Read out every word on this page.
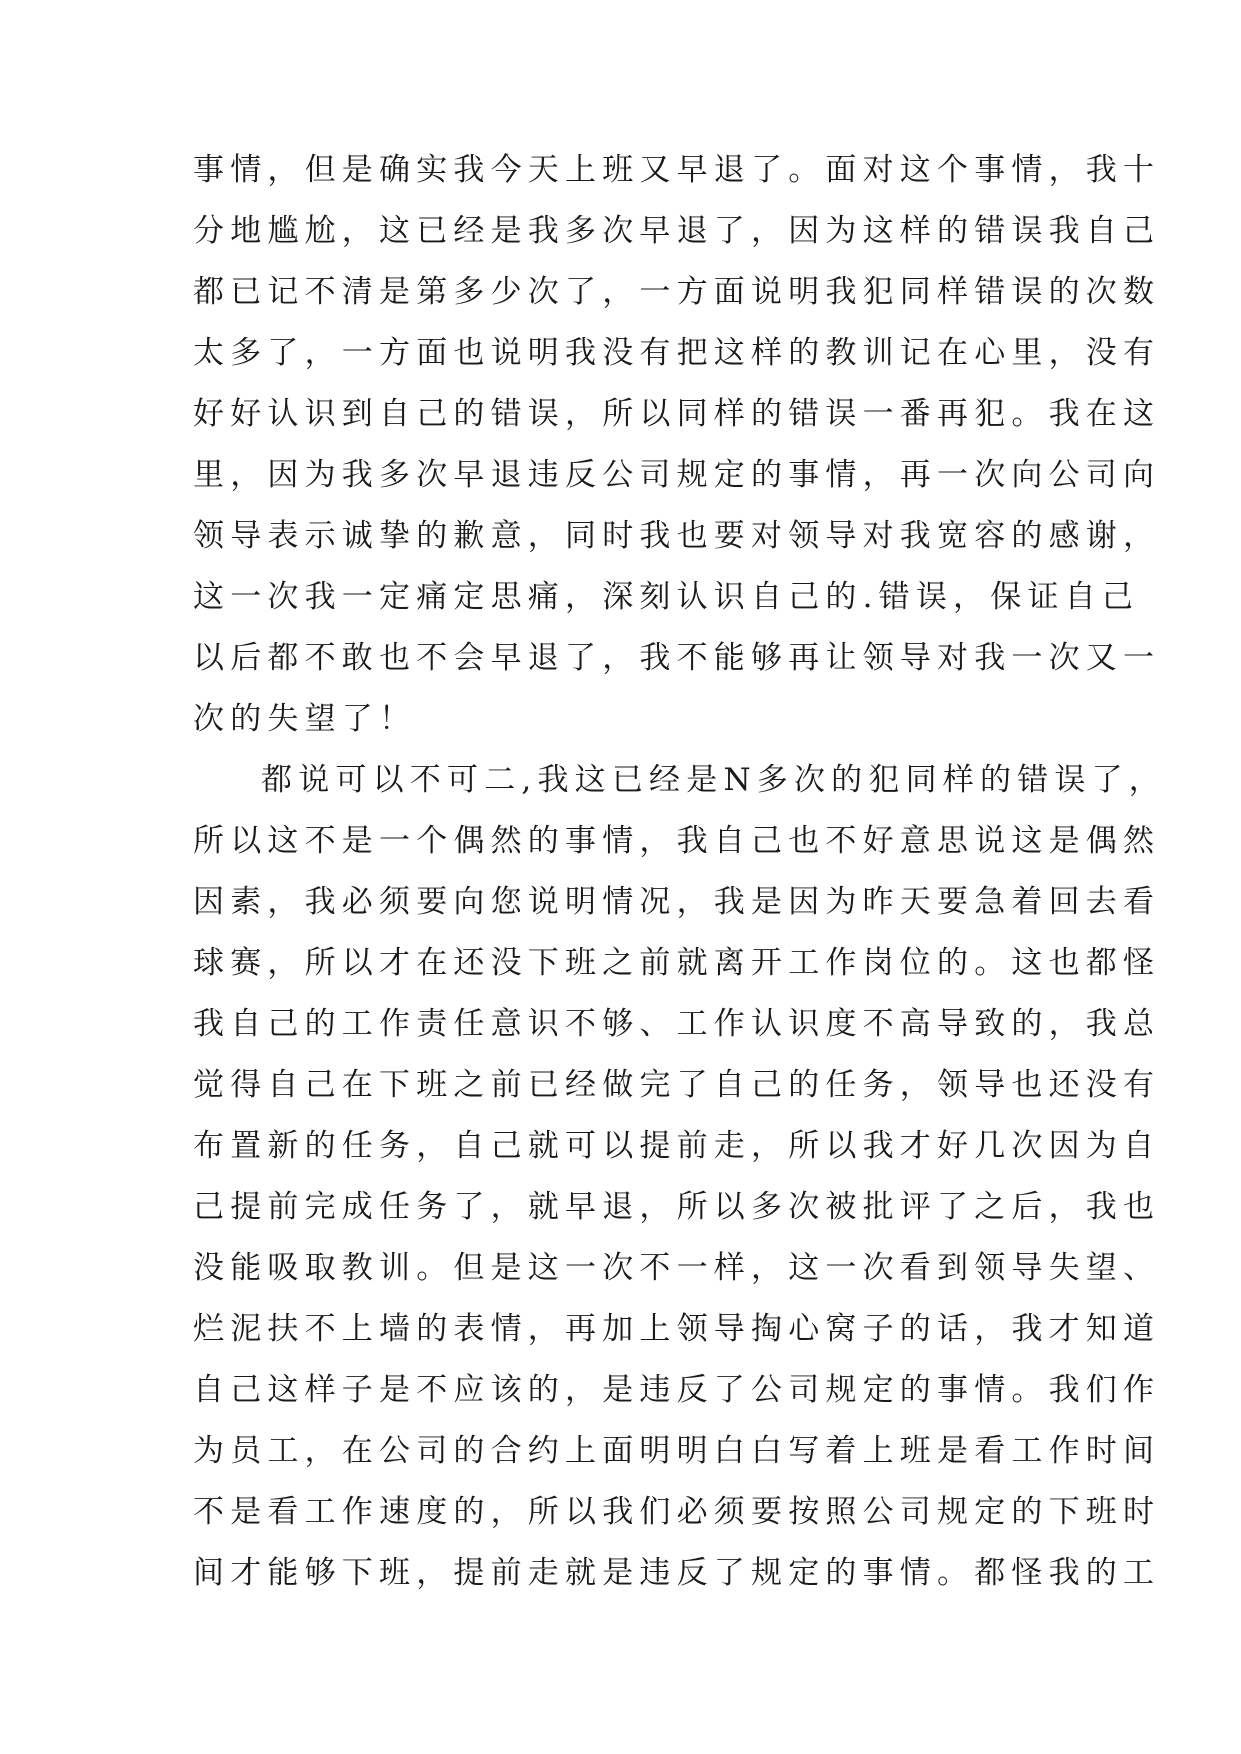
事情，但是确实我今天上班又早退了。面对这个事情，我十
分地尴尬，这已经是我多次早退了，因为这样的错误我自己
都已记不清是第多少次了，一方面说明我犯同样错误的次数
太多了，一方面也说明我没有把这样的教训记在心里，没有
好好认识到自己的错误，所以同样的错误一番再犯。我在这
里，因为我多次早退违反公司规定的事情，再一次向公司向
领导表示诚挚的歉意，同时我也要对领导对我宽容的感谢，
这一次我一定痛定思痛，深刻认识自己的.错误，保证自己
以后都不敢也不会早退了，我不能够再让领导对我一次又一
次的失望了！
都说可以不可二,我这已经是N多次的犯同样的错误了，
所以这不是一个偶然的事情，我自己也不好意思说这是偶然
因素，我必须要向您说明情况，我是因为昨天要急着回去看
球赛，所以才在还没下班之前就离开工作岗位的。这也都怪
我自己的工作责任意识不够、工作认识度不高导致的，我总
觉得自己在下班之前已经做完了自己的任务，领导也还没有
布置新的任务，自己就可以提前走，所以我才好几次因为自
己提前完成任务了，就早退，所以多次被批评了之后，我也
没能吸取教训。但是这一次不一样，这一次看到领导失望、
烂泥扶不上墙的表情，再加上领导掏心窝子的话，我才知道
自己这样子是不应该的，是违反了公司规定的事情。我们作
为员工，在公司的合约上面明明白白写着上班是看工作时间
不是看工作速度的，所以我们必须要按照公司规定的下班时
间才能够下班，提前走就是违反了规定的事情。都怪我的工
